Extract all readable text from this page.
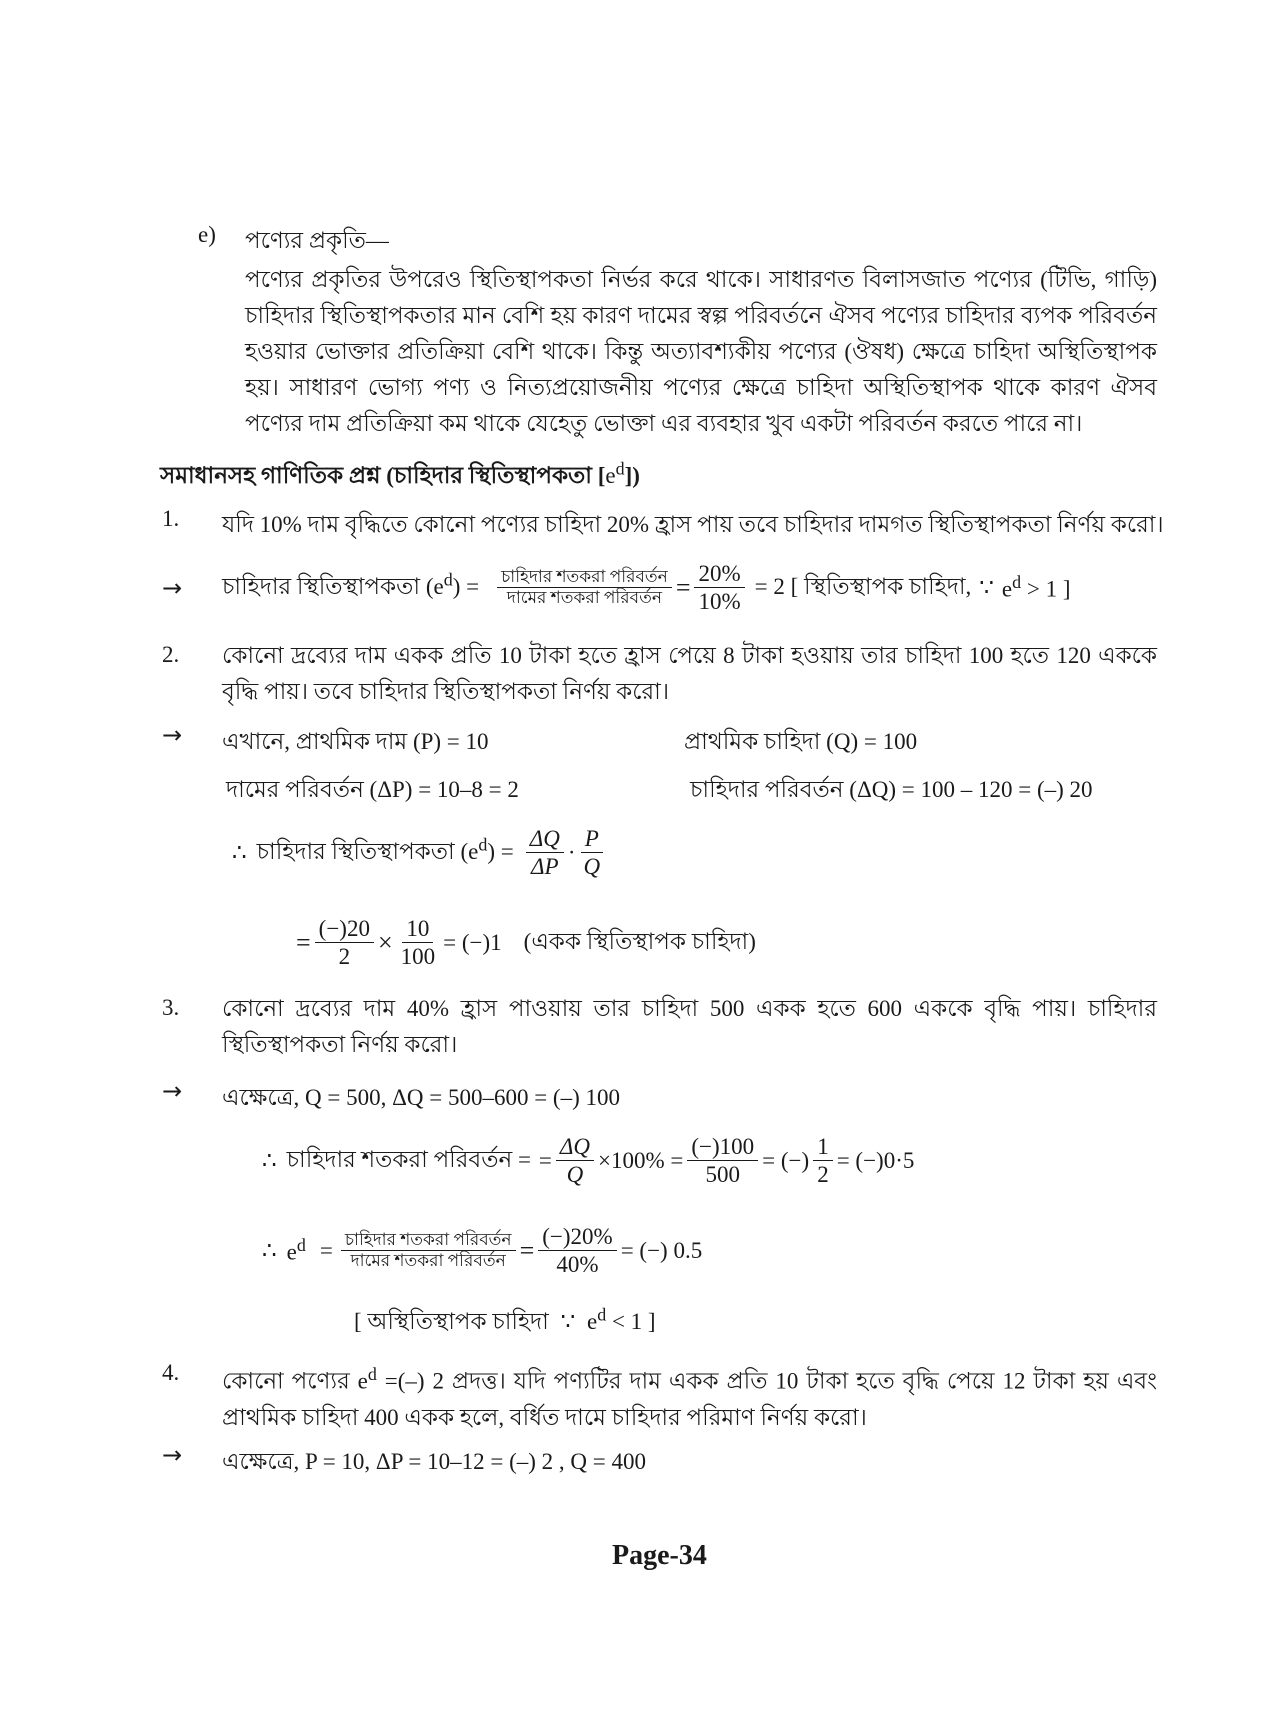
e) পণ্যের প্রকৃতি—
পণ্যের প্রকৃতির উপরেও স্থিতিস্থাপকতা নির্ভর করে থাকে। সাধারণত বিলাসজাত পণ্যের (টিভি, গাড়ি) চাহিদার স্থিতিস্থাপকতার মান বেশি হয় কারণ দামের স্বল্প পরিবর্তনে ঐসব পণ্যের চাহিদার ব্যপক পরিবর্তন হওয়ার ভোক্তার প্রতিক্রিয়া বেশি থাকে। কিন্তু অত্যাবশ্যকীয় পণ্যের (ঔষধ) ক্ষেত্রে চাহিদা অস্থিতিস্থাপক হয়। সাধারণ ভোগ্য পণ্য ও নিত্যপ্রয়োজনীয় পণ্যের ক্ষেত্রে চাহিদা অস্থিতিস্থাপক থাকে কারণ ঐসব পণ্যের দাম প্রতিক্রিয়া কম থাকে যেহেতু ভোক্তা এর ব্যবহার খুব একটা পরিবর্তন করতে পারে না।
সমাধানসহ গাণিতিক প্রশ্ন (চাহিদার স্থিতিস্থাপকতা $[e^d]$)
1. যদি 10% দাম বৃদ্ধিতে কোনো পণ্যের চাহিদা 20% হ্রাস পায় তবে চাহিদার দামগত স্থিতিস্থাপকতা নির্ণয় করো।
→	চাহিদার স্থিতিস্থাপকতা $(e^d) = \frac{\text{চাহিদার শতকরা পরিবর্তন}}{\text{দামের শতকরা পরিবর্তন}} = \frac{20\%}{10\%} = 2$ [ স্থিতিস্থাপক চাহিদা, ∵ $e^d > 1$ ]
2. কোনো দ্রব্যের দাম একক প্রতি 10 টাকা হতে হ্রাস পেয়ে 8 টাকা হওয়ায় তার চাহিদা 100 হতে 120 এককে বৃদ্ধি পায়। তবে চাহিদার স্থিতিস্থাপকতা নির্ণয় করো।
→ এখানে, প্রাথমিক দাম (P) = 10	প্রাথমিক চাহিদা (Q) = 100
দামের পরিবর্তন (ΔP) = 10–8 = 2	চাহিদার পরিবর্তন (ΔQ) = 100 – 120 = (–) 20
∴ চাহিদার স্থিতিস্থাপকতা $(e^d) = \frac{\Delta Q}{\Delta P} \cdot \frac{P}{Q}$
= $\frac{(-)20}{2} \times \frac{10}{100} = (-)1$ (একক স্থিতিস্থাপক চাহিদা)
3. কোনো দ্রব্যের দাম 40% হ্রাস পাওয়ায় তার চাহিদা 500 একক হতে 600 এককে বৃদ্ধি পায়। চাহিদার স্থিতিস্থাপকতা নির্ণয় করো।
→ এক্ষেত্রে, Q = 500, ΔQ = 500–600 = (–) 100
∴ চাহিদার শতকরা পরিবর্তন = = $\frac{\Delta Q}{Q} \times 100\% = \frac{(-)100}{500}$ = (−) $\frac{1}{2} = (-)0\cdot 5$
∴ $e^d = \frac{\text{চাহিদার শতকরা পরিবর্তন}}{\text{দামের শতকরা পরিবর্তন}} = \frac{(-)20\%}{40\%}$ = (−) 0.5
[ অস্থিতিস্থাপক চাহিদা ∵ $e^d < 1$ ]
4. কোনো পণ্যের $e^d$ =(–) 2 প্রদত্ত। যদি পণ্যটির দাম একক প্রতি 10 টাকা হতে বৃদ্ধি পেয়ে 12 টাকা হয় এবং প্রাথমিক চাহিদা 400 একক হলে, বর্ধিত দামে চাহিদার পরিমাণ নির্ণয় করো।
→ এক্ষেত্রে, P = 10, ΔP = 10–12 = (–) 2 , Q = 400
Page-34
